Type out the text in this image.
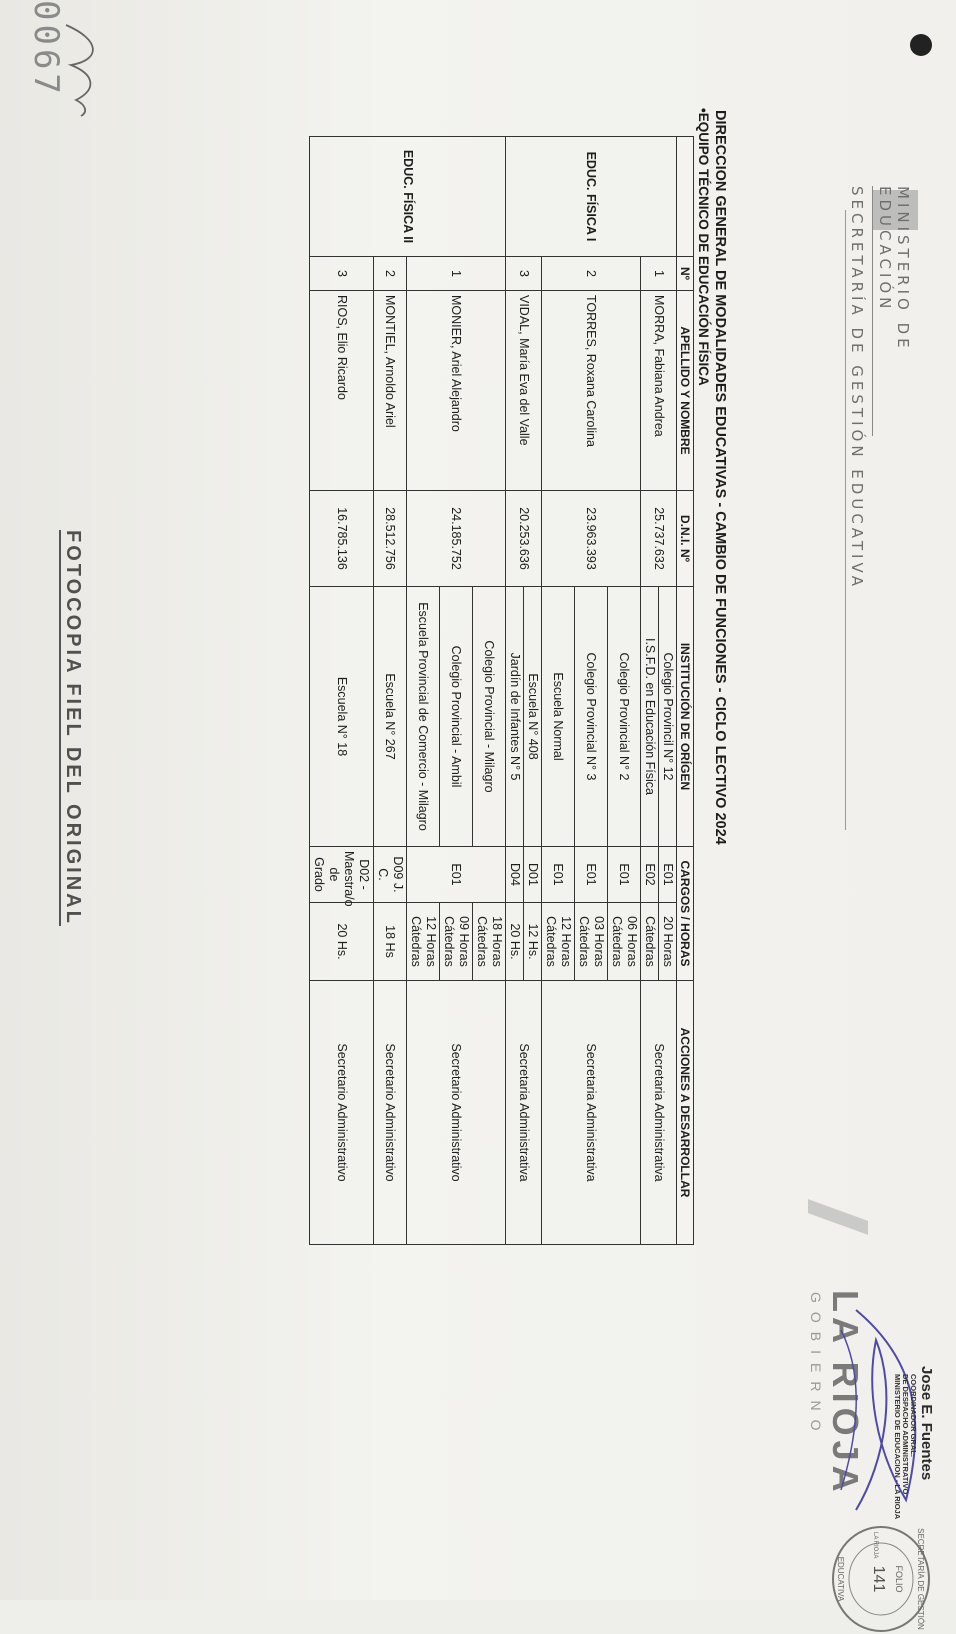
MINISTERIO DE EDUCACIÓN
SECRETARÍA DE GESTIÓN EDUCATIVA
LA RIOJA
GOBIERNO
DIRECCION GENERAL DE MODALIDADES EDUCATIVAS - CAMBIO DE FUNCIONES - CICLO LECTIVO 2024
•EQUIPO TÉCNICO DE EDUCACIÓN FÍSICA
	Nº	APELLIDO Y NOMBRE	D.N.I. Nº	INSTITUCIÓN DE ORÍGEN	CARGOS / HORAS		ACCIONES A DESARROLLAR
EDUC. FÍSICA I	1	MORRA, Fabiana Andrea	25.737.632	Colegio Provincil N° 12	E01	20 Horas	Secretaria Administrativa
				I.S.F.D. en Educación Física	E02	Cátedras	
	2	TORRES, Roxana Carolina	23.963.393	Colegio Provincial N° 2	E01	06 Horas Cátedras	Secretaria Administrativa
				Colegio Provincial N° 3	E01	03 Horas Cátedras	
				Escuela Normal	E01	12 Horas Cátedras	
	3	VIDAL, María Eva del Valle	20.253.636	Escuela N° 408	D01	12 Hs.	Secretaria Administrativa
				Jardín de Infantes N° 5	D04	20 Hs.	

EDUC. FÍSICA II	1	MONIER, Ariel Alejandro	24.185.752	Colegio Provincial - Milagro	E01	18 Horas Cátedras	Secretario Administrativo
				Colegio Provincial - Ambil		09 Horas Cátedras	
				Escuela Provincial de Comercio - Milagro		12 Horas Cátedras	
	2	MONTIEL, Arnoldo Ariel	28.512.756	Escuela N° 267	D09 J. C.	18 Hs	Secretario Administrativo
	3	RIOS, Elio Ricardo	16.785.136	Escuela N° 18	D02 - Maestra/o de Grado	20 Hs.	Secretario Administrativo
FOTOCOPIA FIEL DEL ORIGINAL
Jose E. Fuentes
COORDINADOR GRAL.
DE DESPACHO ADMINISTRATIVO
MINISTERIO DE EDUCACION - LA RIOJA
SECRETARÍA DE GESTIÓN
FOLIO
141
EDUCATIVA
LA RIOJA
0067
